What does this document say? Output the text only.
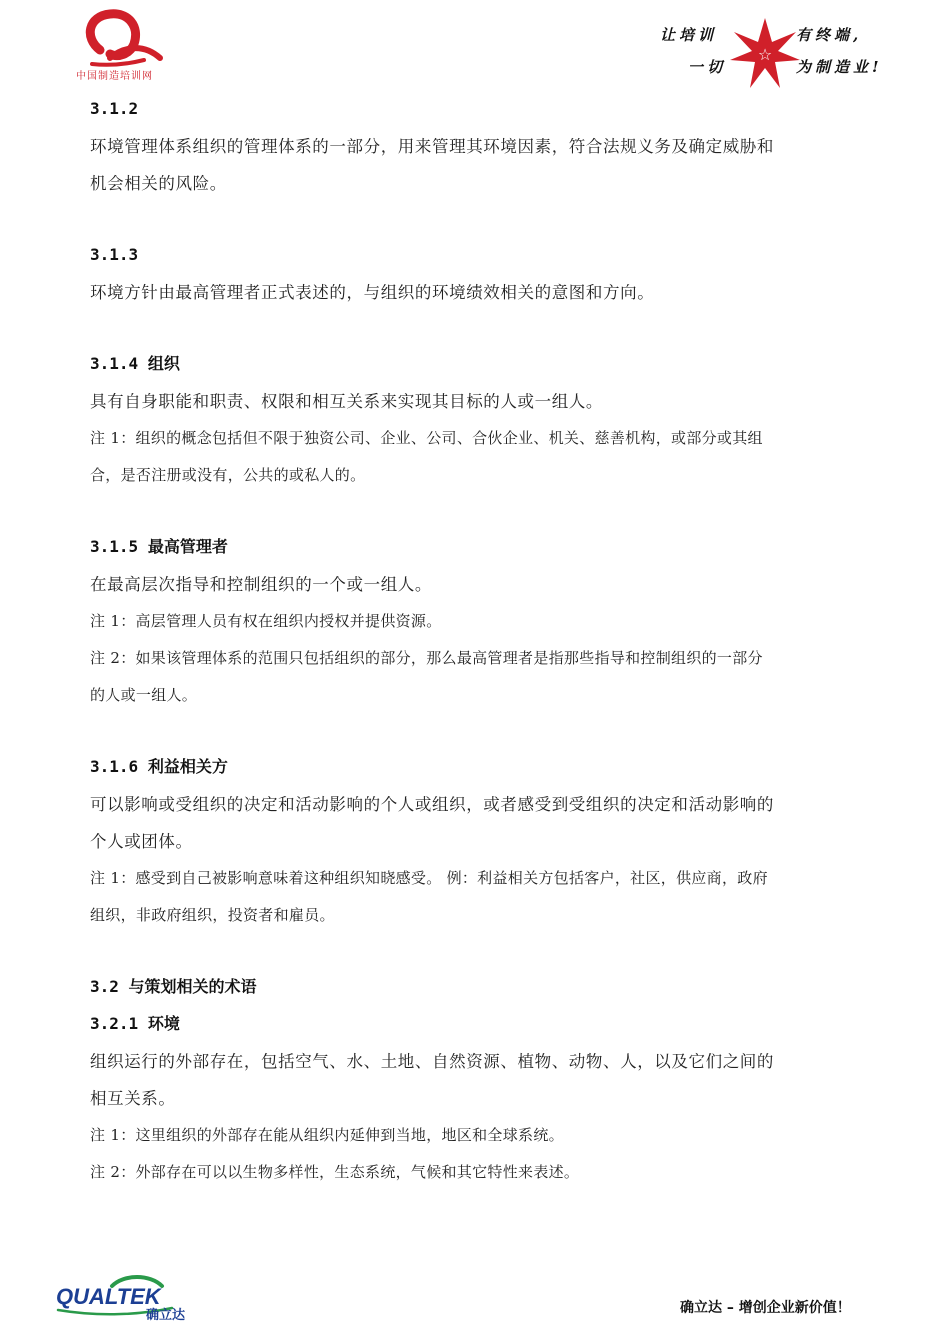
中国制造培训网
让培训
☆
有终端,
一切	为制造业!

3.1.2

环境管理体系组织的管理体系的一部分，用来管理其环境因素，符合法规义务及确定威胁和

机会相关的风险。

3.1.3

环境方针由最高管理者正式表述的，与组织的环境绩效相关的意图和方向。

3.1.4 组织

具有自身职能和职责、权限和相互关系来实现其目标的人或一组人。

注 1：组织的概念包括但不限于独资公司、企业、公司、合伙企业、机关、慈善机构，或部分或其组

合，是否注册或没有，公共的或私人的。

3.1.5 最高管理者

在最高层次指导和控制组织的一个或一组人。

注 1：高层管理人员有权在组织内授权并提供资源。

注 2：如果该管理体系的范围只包括组织的部分，那么最高管理者是指那些指导和控制组织的一部分

的人或一组人。

3.1.6 利益相关方

可以影响或受组织的决定和活动影响的个人或组织，或者感受到受组织的决定和活动影响的

个人或团体。

注 1：感受到自己被影响意味着这种组织知晓感受。 例：利益相关方包括客户，社区，供应商，政府

组织，非政府组织，投资者和雇员。

3.2 与策划相关的术语

3.2.1 环境

组织运行的外部存在，包括空气、水、土地、自然资源、植物、动物、人，以及它们之间的

相互关系。

注 1：这里组织的外部存在能从组织内延伸到当地，地区和全球系统。

注 2：外部存在可以以生物多样性，生态系统，气候和其它特性来表述。

QUALTEK
确立达	确立达 – 增创企业新价值！
